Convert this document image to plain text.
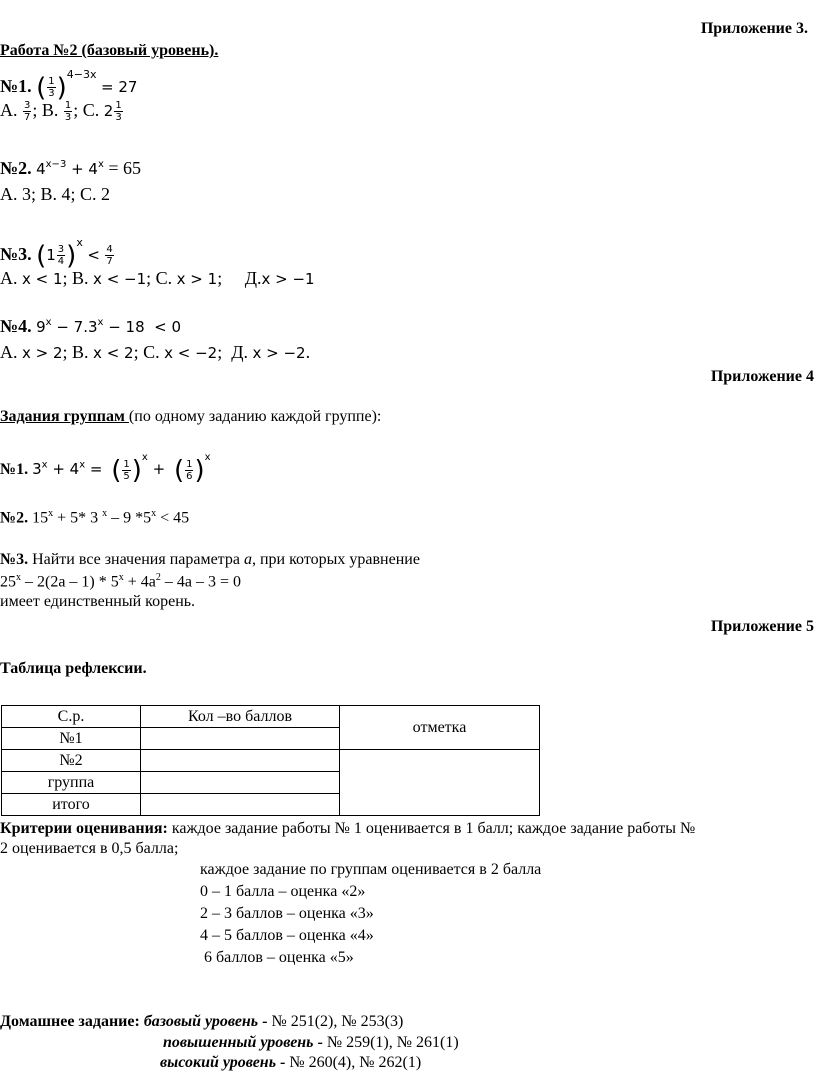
Приложение 3.
Работа №2 (базовый уровень).
№1. ( $\frac{1}{3} )^{4-3x} = 27$
А. $\frac{3}{7}$ ; В. $\frac{1}{3}$ ; С. $2 \frac{1}{3}$
№2. $4^{x-3} + 4^x = 65$
А. 3; В. 4; С. 2
№3. $(1 \frac{3}{4} )^x < \frac{4}{7}$
А. x < 1; В. x < −1; С. x > 1;     Д.x > −1
№4. $9^x - 7.3^x - 18 < 0$
А. x > 2; В. x < 2; С. x < −2;  Д. x > −2.
Приложение 4
Задания группам (по одному заданию каждой группе):
№1. $3^x + 4^x$ =  ( $\frac{1}{5} )^x$ +  ( $\frac{1}{6} )^x$
№2. $15^x + 5*$ 3 $^x$ – 9 $*5^x < 45$
№3. Найти все значения параметра а, при которых уравнение
$25^x - 2(2a - 1) * 5^x + 4a^2 - 4a - 3 = 0$
имеет единственный корень.
Приложение 5
Таблица рефлексии.
С.р.	Кол –во баллов	отметка
№1		
№2		
группа		
итого		
Критерии оценивания: каждое задание работы № 1 оценивается в 1 балл; каждое задание работы №
2 оценивается в 0,5 балла;
каждое задание по группам оценивается в 2 балла
0 – 1 балла – оценка «2»
2 – 3 баллов – оценка «3»
4 – 5 баллов – оценка «4»
6 баллов – оценка «5»
Домашнее задание: базовый уровень - № 251(2), № 253(3)
повышенный уровень - № 259(1), № 261(1)
высокий уровень - № 260(4), № 262(1)
